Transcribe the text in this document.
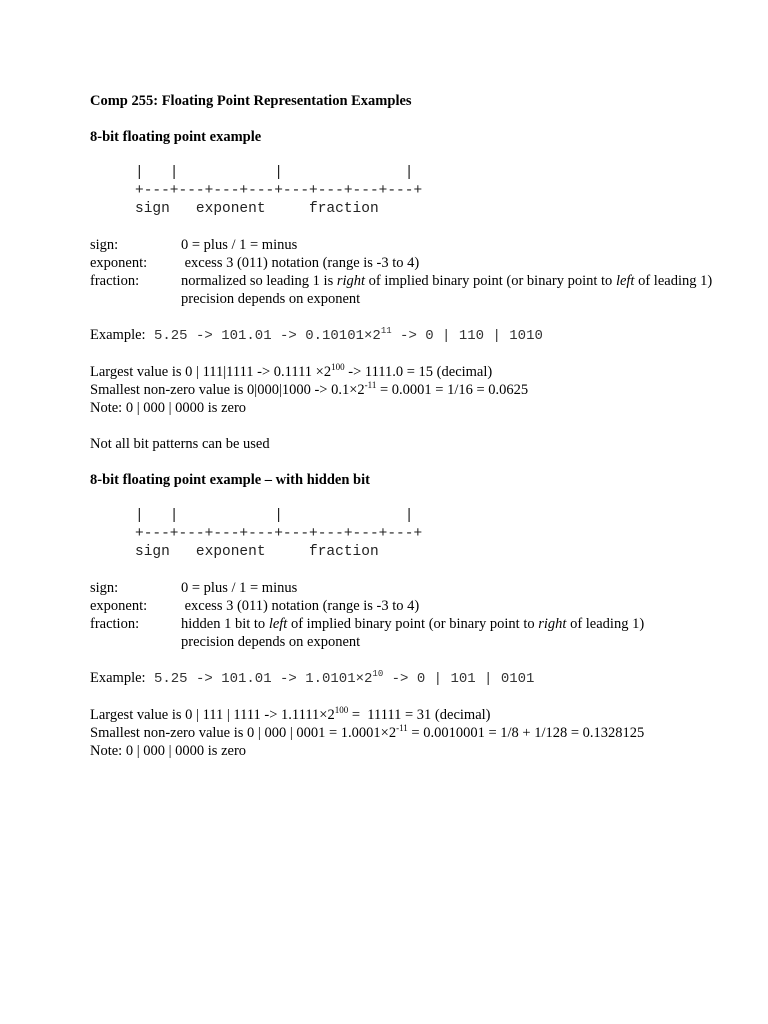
Comp 255: Floating Point Representation Examples

8-bit floating point example

|   |           |              |
+---+---+---+---+---+---+---+---+
sign   exponent     fraction
sign:	0 = plus / 1 = minus
exponent:	excess 3 (011) notation (range is -3 to 4)
fraction:	normalized so leading 1 is right of implied binary point (or binary point to left of leading 1)
precision depends on exponent

Example: $5.25 -> 101.01 -> 0.10101\times 2^{11} -> 0$ | 110 | 1010

Largest value is 0 | $111|1111 -> 0.1111 \times 2^{100} -> 1111.0 = 15$ (decimal)

Smallest non-zero value is $0|000|1000 -> 0.1\times 2^{-11} = 0.0001 = 1/16 = 0.0625$

Note: 0 | 000 | 0000 is zero

Not all bit patterns can be used

8-bit floating point example – with hidden bit

|   |           |              |
+---+---+---+---+---+---+---+---+
sign   exponent     fraction
sign:	0 = plus / 1 = minus
exponent:	excess 3 (011) notation (range is -3 to 4)
fraction:	hidden 1 bit to left of implied binary point (or binary point to right of leading 1)
precision depends on exponent

Example: $5.25 -> 101.01 -> 1.0101\times 2^{10} -> 0$ | 101 | 0101

Largest value is 0 | 111 | $1111 -> 1.1111\times 2^{100} = 11111 = 31$ (decimal)

Smallest non-zero value is 0 | 000 | $0001 = 1.0001\times 2^{-11} = 0.0010001 = 1/8 + 1/128 = 0.1328125$

Note: 0 | 000 | 0000 is zero
